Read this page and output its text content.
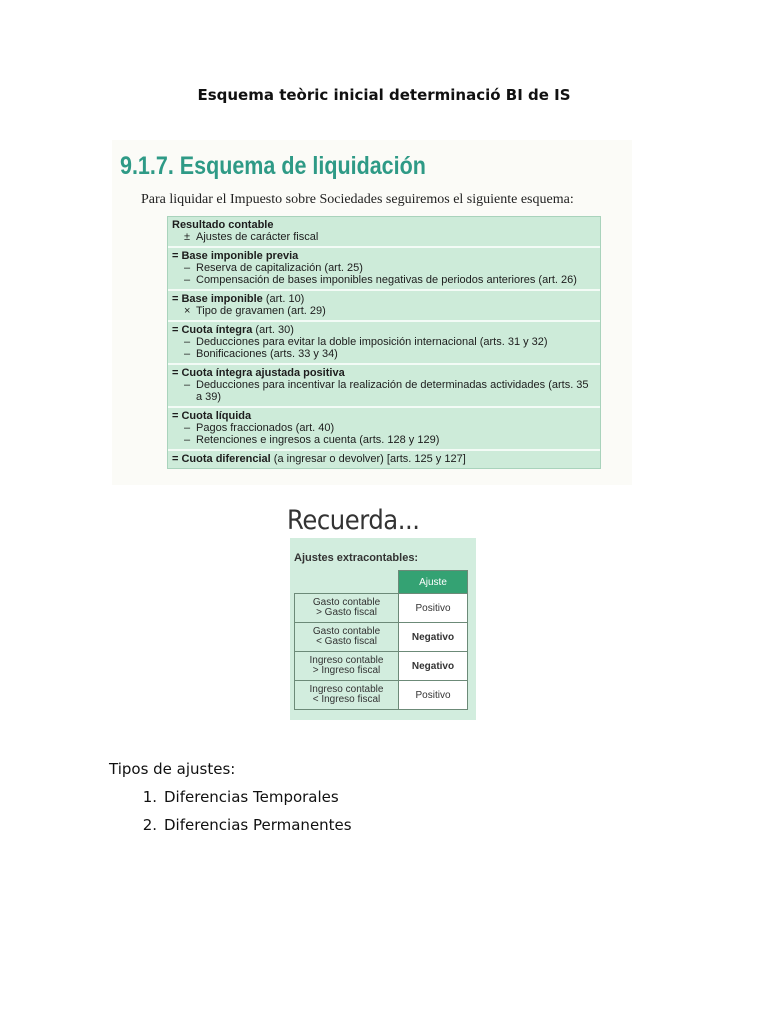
Esquema teòric inicial determinació BI de IS
9.1.7. Esquema de liquidación
Para liquidar el Impuesto sobre Sociedades seguiremos el siguiente esquema:
Resultado contable
± Ajustes de carácter fiscal
= Base imponible previa
– Reserva de capitalización (art. 25)
– Compensación de bases imponibles negativas de periodos anteriores (art. 26)
= Base imponible (art. 10)
× Tipo de gravamen (art. 29)
= Cuota íntegra (art. 30)
– Deducciones para evitar la doble imposición internacional (arts. 31 y 32)
– Bonificaciones (arts. 33 y 34)
= Cuota íntegra ajustada positiva
– Deducciones para incentivar la realización de determinadas actividades (arts. 35 a 39)
= Cuota líquida
– Pagos fraccionados (art. 40)
– Retenciones e ingresos a cuenta (arts. 128 y 129)
= Cuota diferencial (a ingresar o devolver) [arts. 125 y 127]
Recuerda...
Ajustes extracontables:
	Ajuste

Gasto contable
> Gasto fiscal	Positivo

Gasto contable
< Gasto fiscal	Negativo

Ingreso contable
> Ingreso fiscal	Negativo

Ingreso contable
< Ingreso fiscal	Positivo
Tipos de ajustes:
1. Diferencias Temporales
2. Diferencias Permanentes
